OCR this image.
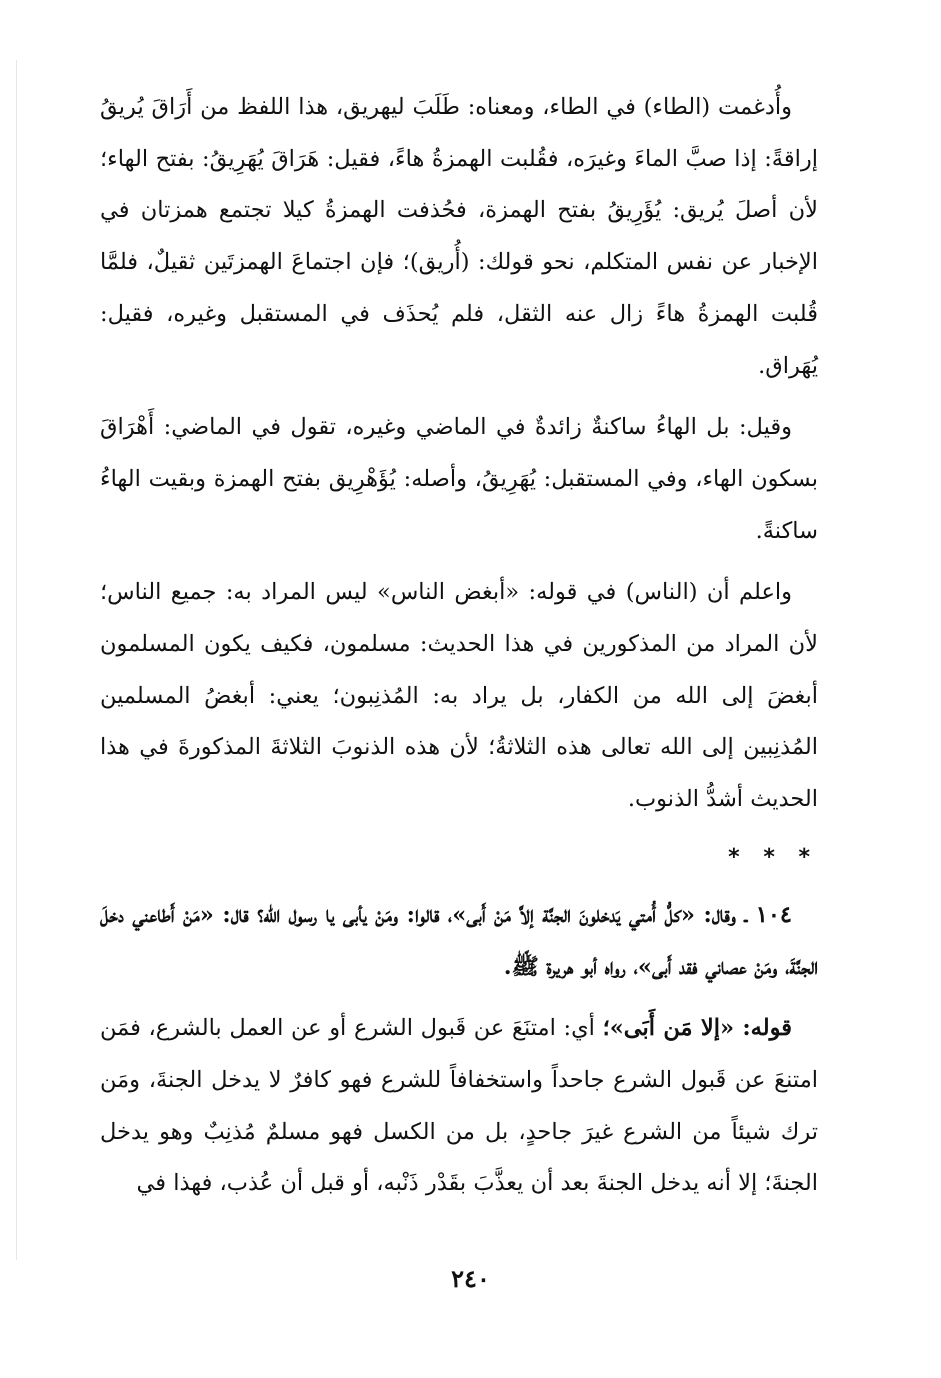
وأُدغمت (الطاء) في الطاء، ومعناه: طَلَبَ ليهريق، هذا اللفظ من أَرَاقَ يُريقُ إراقةً: إذا صبَّ الماءَ وغيرَه، فقُلبت الهمزةُ هاءً، فقيل: هَرَاقَ يُهَرِيقُ: بفتح الهاء؛ لأن أصلَ يُريق: يُؤَرِيقُ بفتح الهمزة، فحُذفت الهمزةُ كيلا تجتمع همزتان في الإخبار عن نفس المتكلم، نحو قولك: (أُريق)؛ فإن اجتماعَ الهمزتَين ثقيلٌ، فلمَّا قُلبت الهمزةُ هاءً زال عنه الثقل، فلم يُحذَف في المستقبل وغيره، فقيل: يُهَراق.

وقيل: بل الهاءُ ساكنةٌ زائدةٌ في الماضي وغيره، تقول في الماضي: أَهْرَاقَ بسكون الهاء، وفي المستقبل: يُهَرِيقُ، وأصله: يُؤَهْرِيق بفتح الهمزة وبقيت الهاءُ ساكنةً.

واعلم أن (الناس) في قوله: «أبغض الناس» ليس المراد به: جميع الناس؛ لأن المراد من المذكورين في هذا الحديث: مسلمون، فكيف يكون المسلمون أبغضَ إلى الله من الكفار، بل يراد به: المُذنِبون؛ يعني: أبغضُ المسلمين المُذنِبين إلى الله تعالى هذه الثلاثةُ؛ لأن هذه الذنوبَ الثلاثةَ المذكورةَ في هذا الحديث أشدُّ الذنوب.

* * *

١٠٤ ـ وقال: «كلُّ أُمتي يَدخلونَ الجنَّة إلاَّ مَنْ أَبى»، قالوا: ومَنْ يأبى يا رسول الله؟ قال: «مَنْ أَطاعني دخلَ الجنَّةَ، ومَنْ عصاني فقد أَبى»، رواه أبو هريرة ﷺ.

قوله: «إلا مَن أَبَى»؛ أي: امتنَعَ عن قَبول الشرع أو عن العمل بالشرع، فمَن امتنعَ عن قَبول الشرع جاحداً واستخفافاً للشرع فهو كافرٌ لا يدخل الجنةَ، ومَن ترك شيئاً من الشرع غيرَ جاحدٍ، بل من الكسل فهو مسلمٌ مُذنِبٌ وهو يدخل الجنةَ؛ إلا أنه يدخل الجنةَ بعد أن يعذَّبَ بقَدْر ذَنْبه، أو قبل أن عُذب، فهذا في

٢٤٠
